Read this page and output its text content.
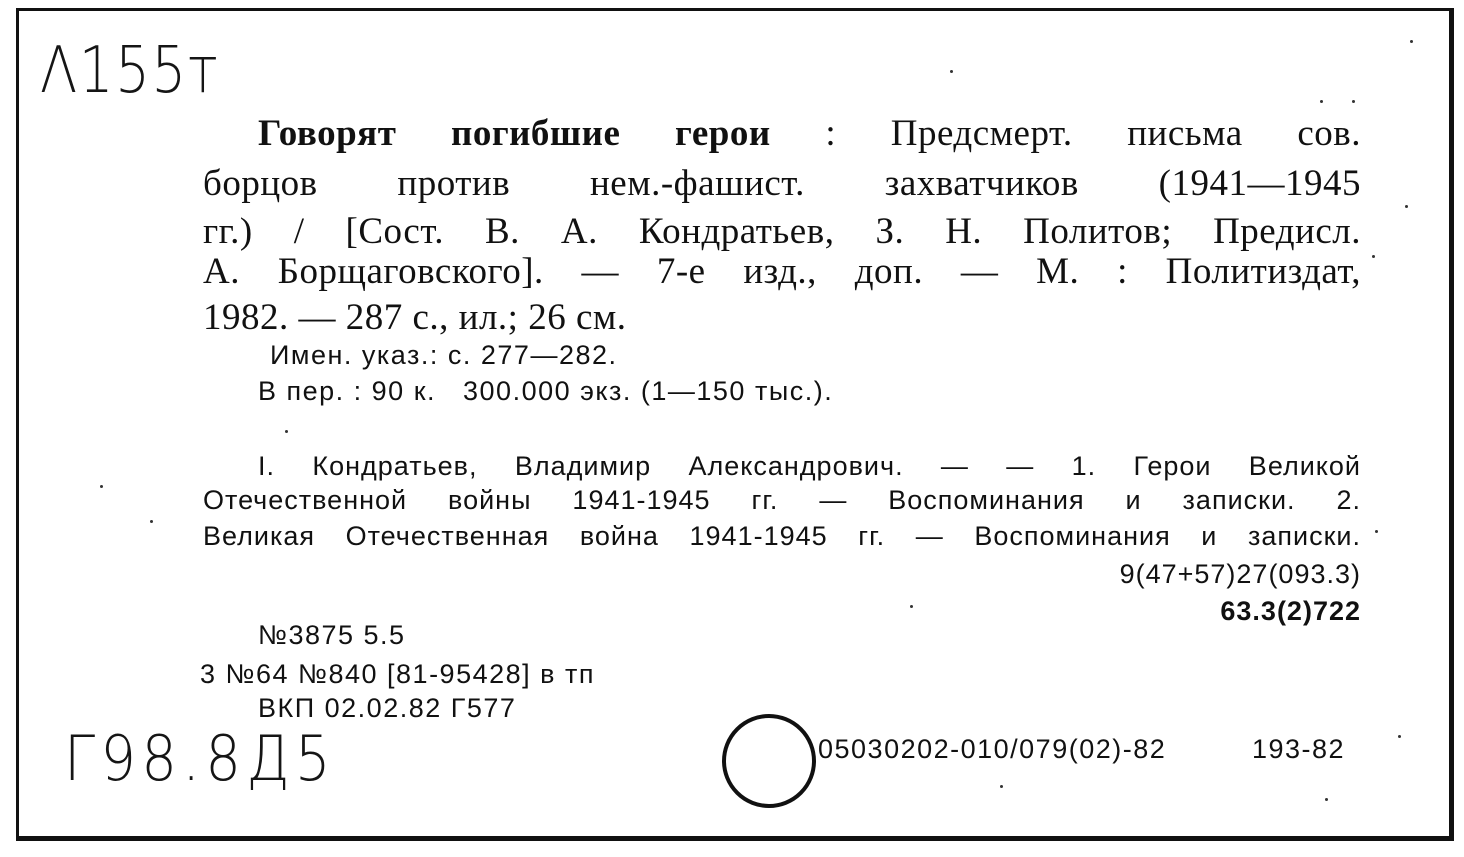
Λ155т
Говорят погибшие герои : Предсмерт. письма сов.
борцов против нем.-фашист. захватчиков (1941—1945
гг.) / [Сост. В. А. Кондратьев, З. Н. Политов; Предисл.
А. Борщаговского]. — 7-е изд., доп. — М. : Политиздат,
1982. — 287 с., ил.; 26 см.
Имен. указ.: с. 277—282.
В пер. : 90 к.   300.000 экз. (1—150 тыс.).
I. Кондратьев, Владимир Александрович. — — 1. Герои Великой
Отечественной войны 1941-1945 гг. — Воспоминания и записки. 2.
Великая Отечественная война 1941-1945 гг. — Воспоминания и записки.
9(47+57)27(093.3)
63.3(2)722
№3875 5.5
3 №64 №840 [81-95428] в тп
ВКП 02.02.82 Г577
Г98.8Д5	05030202-010/079(02)-82	193-82
